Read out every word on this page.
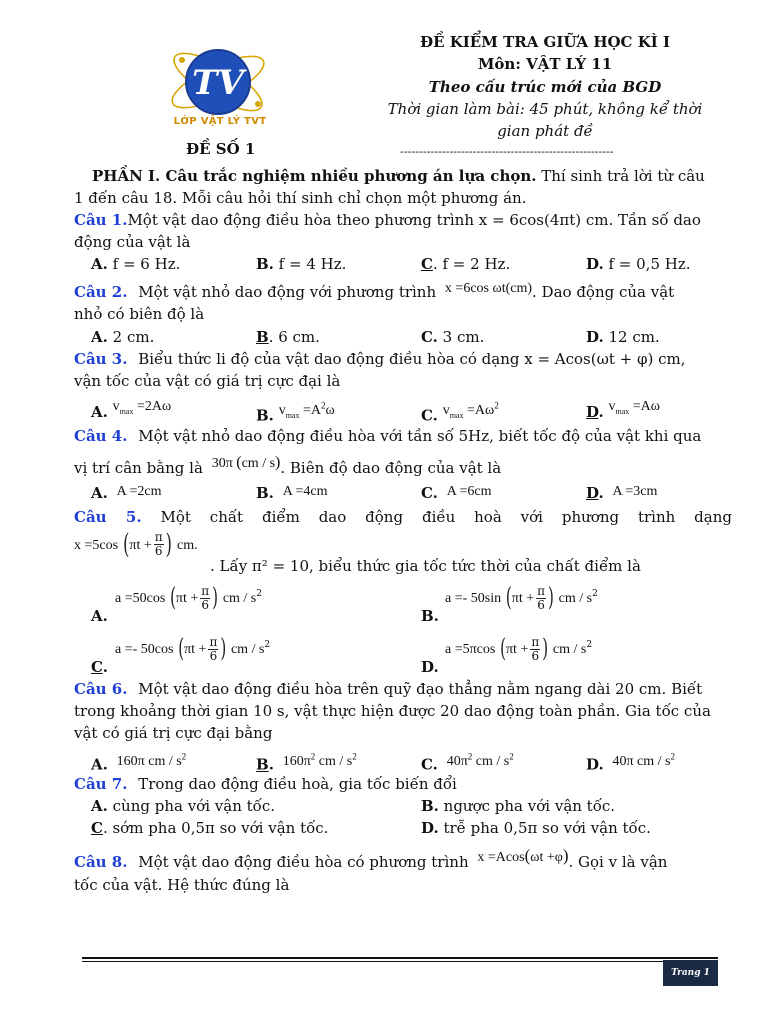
TV
LỚP VẬT LÝ TVT
ĐỀ SỐ 1
ĐỀ KIỂM TRA GIỮA HỌC KÌ I
Môn: VẬT LÝ 11
Theo cấu trúc mới của BGD
Thời gian làm bài: 45 phút, không kể thời
gian phát đề
--------------------------------------------------------
PHẦN I. Câu trắc nghiệm nhiều phương án lựa chọn. Thí sinh trả lời từ câu
1 đến câu 18. Mỗi câu hỏi thí sinh chỉ chọn một phương án.
Câu 1.Một vật dao động điều hòa theo phương trình x = 6cos(4πt) cm. Tần số dao
động của vật là
A. f = 6 Hz.	B. f = 4 Hz.	C. f = 2 Hz.	D. f = 0,5 Hz.
Câu 2. Một vật nhỏ dao động với phương trình x =6cos ωt(cm). Dao động của vật
nhỏ có biên độ là
A. 2 cm.	B. 6 cm.	C. 3 cm.	D. 12 cm.
Câu 3. Biểu thức li độ của vật dao động điều hòa có dạng x = Acos(ωt + φ) cm,
vận tốc của vật có giá trị cực đại là
A. $v_{max} =2A\omega$
B. $v_{max} =A^2\omega$	C. $v_{max} =A\omega^2$	D. $v_{max} =A\omega$
Câu 4. Một vật nhỏ dao động điều hòa với tần số 5Hz, biết tốc độ của vật khi qua
vị trí cân bằng là 30π (cm / s). Biên độ dao động của vật là
A. A =2cm	B. A =4cm	C. A =6cm	D. A =3cm
Câu 5. Một chất điểm dao động điều hoà với phương trình dạng
x =5cos ($\pi t + \frac{\pi}{6}$ ) cm.
. Lấy π² = 10, biểu thức gia tốc tức thời của chất điểm là
A.
a =50cos ($\pi t + \frac{\pi}{6}$ ) cm / $s^2$
B.
a =- 50sin ($\pi t + \frac{\pi}{6}$ ) cm / $s^2$
C.
a =- 50cos ($\pi t + \frac{\pi}{6}$ ) cm / $s^2$
D.
a =5πcos ($\pi t + \frac{\pi}{6}$ ) cm / $s^2$
Câu 6. Một vật dao động điều hòa trên quỹ đạo thẳng nằm ngang dài 20 cm. Biết
trong khoảng thời gian 10 s, vật thực hiện được 20 dao động toàn phần. Gia tốc của
vật có giá trị cực đại bằng
A. 160π cm / $s^2$	B. $160\pi^2$ cm / $s^2$	C. $40\pi^2$ cm / $s^2$	D. 40π cm / $s^2$
Câu 7. Trong dao động điều hoà, gia tốc biến đổi
A. cùng pha với vận tốc.	B. ngược pha với vận tốc.
C. sớm pha 0,5π so với vận tốc.	D. trễ pha 0,5π so với vận tốc.
Câu 8. Một vật dao động điều hòa có phương trình x =Acos(ωt +φ). Gọi v là vận
tốc của vật. Hệ thức đúng là
Trang 1
